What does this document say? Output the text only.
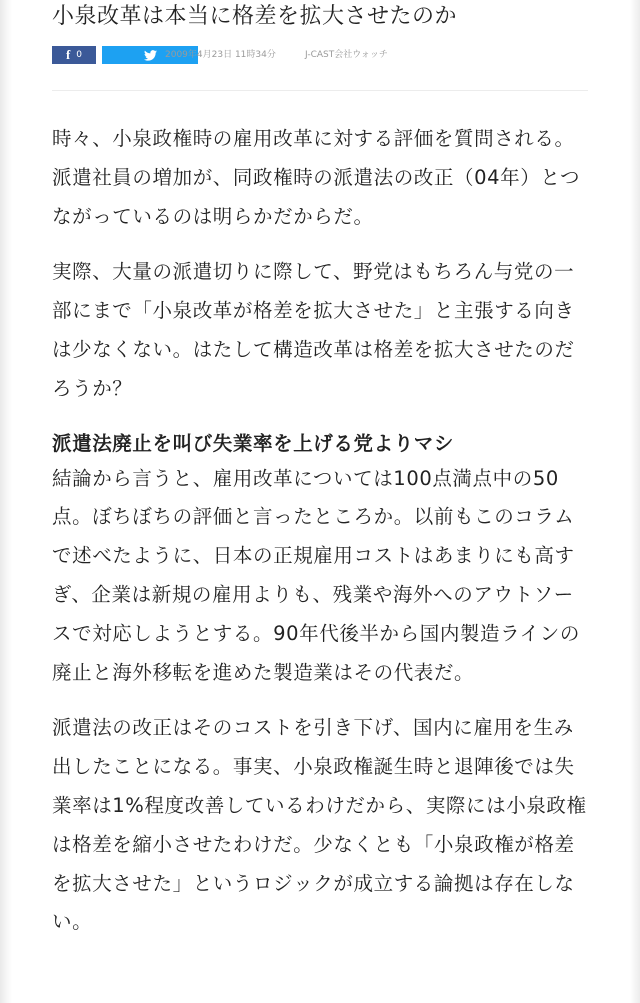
小泉改革は本当に格差を拡大させたのか
f 0	2009年4月23日 11時34分	J-CAST会社ウォッチ

時々、小泉政権時の雇用改革に対する評価を質問される。派遣社員の増加が、同政権時の派遣法の改正（04年）とつながっているのは明らかだからだ。

実際、大量の派遣切りに際して、野党はもちろん与党の一部にまで「小泉改革が格差を拡大させた」と主張する向きは少なくない。はたして構造改革は格差を拡大させたのだろうか？

派遣法廃止を叫び失業率を上げる党よりマシ

結論から言うと、雇用改革については100点満点中の50点。ぼちぼちの評価と言ったところか。以前もこのコラムで述べたように、日本の正規雇用コストはあまりにも高すぎ、企業は新規の雇用よりも、残業や海外へのアウトソースで対応しようとする。90年代後半から国内製造ラインの廃止と海外移転を進めた製造業はその代表だ。

派遣法の改正はそのコストを引き下げ、国内に雇用を生み出したことになる。事実、小泉政権誕生時と退陣後では失業率は1%程度改善しているわけだから、実際には小泉政権は格差を縮小させたわけだ。少なくとも「小泉政権が格差を拡大させた」というロジックが成立する論拠は存在しない。
